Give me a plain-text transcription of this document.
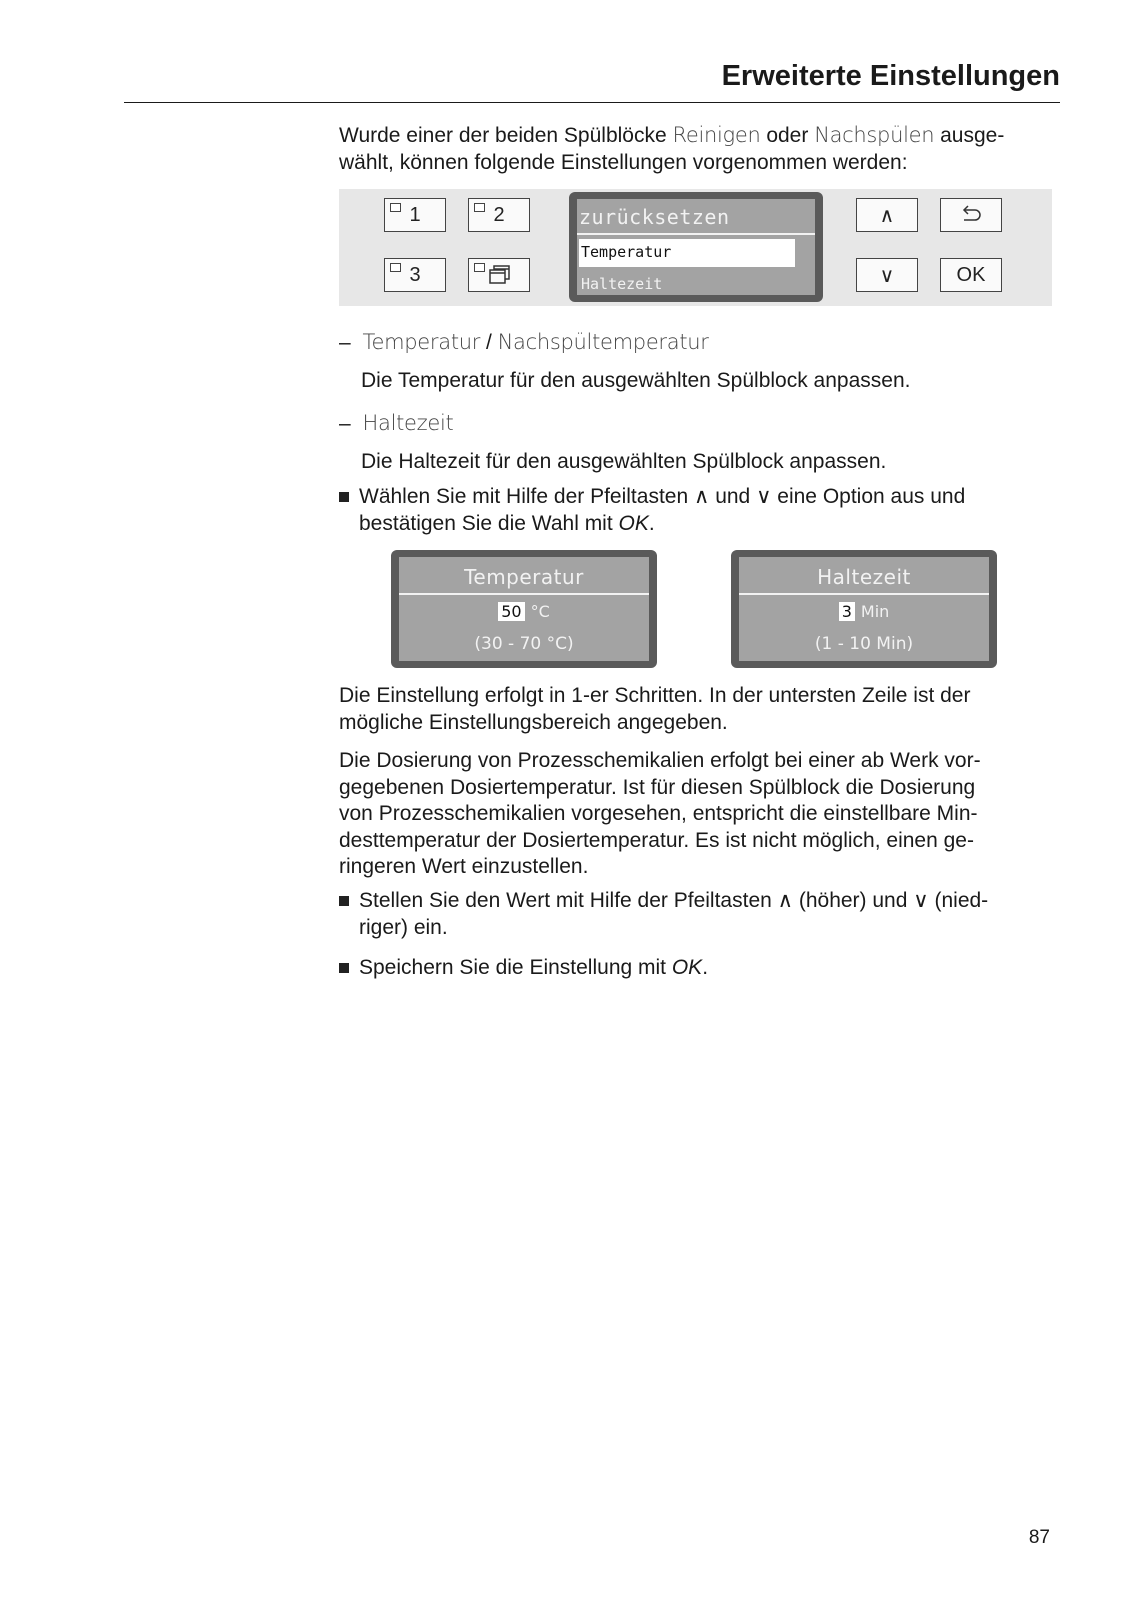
Erweiterte Einstellungen
Wurde einer der beiden Spülblöcke Reinigen oder Nachspülen ausge-
wählt, können folgende Einstellungen vorgenommen werden:
1	2
3
zurücksetzen
Temperatur
Haltezeit
∧
∨	OK
– Temperatur / Nachspültemperatur
Die Temperatur für den ausgewählten Spülblock anpassen.
– Haltezeit
Die Haltezeit für den ausgewählten Spülblock anpassen.
Wählen Sie mit Hilfe der Pfeiltasten ∧ und ∨ eine Option aus und
bestätigen Sie die Wahl mit OK.
Temperatur
50 °C
(30 - 70 °C)
Haltezeit
3 Min
(1 - 10 Min)
Die Einstellung erfolgt in 1-er Schritten. In der untersten Zeile ist der
mögliche Einstellungsbereich angegeben.
Die Dosierung von Prozesschemikalien erfolgt bei einer ab Werk vor-
gegebenen Dosiertemperatur. Ist für diesen Spülblock die Dosierung
von Prozesschemikalien vorgesehen, entspricht die einstellbare Min-
desttemperatur der Dosiertemperatur. Es ist nicht möglich, einen ge-
ringeren Wert einzustellen.
Stellen Sie den Wert mit Hilfe der Pfeiltasten ∧ (höher) und ∨ (nied-
riger) ein.
Speichern Sie die Einstellung mit OK.
87
